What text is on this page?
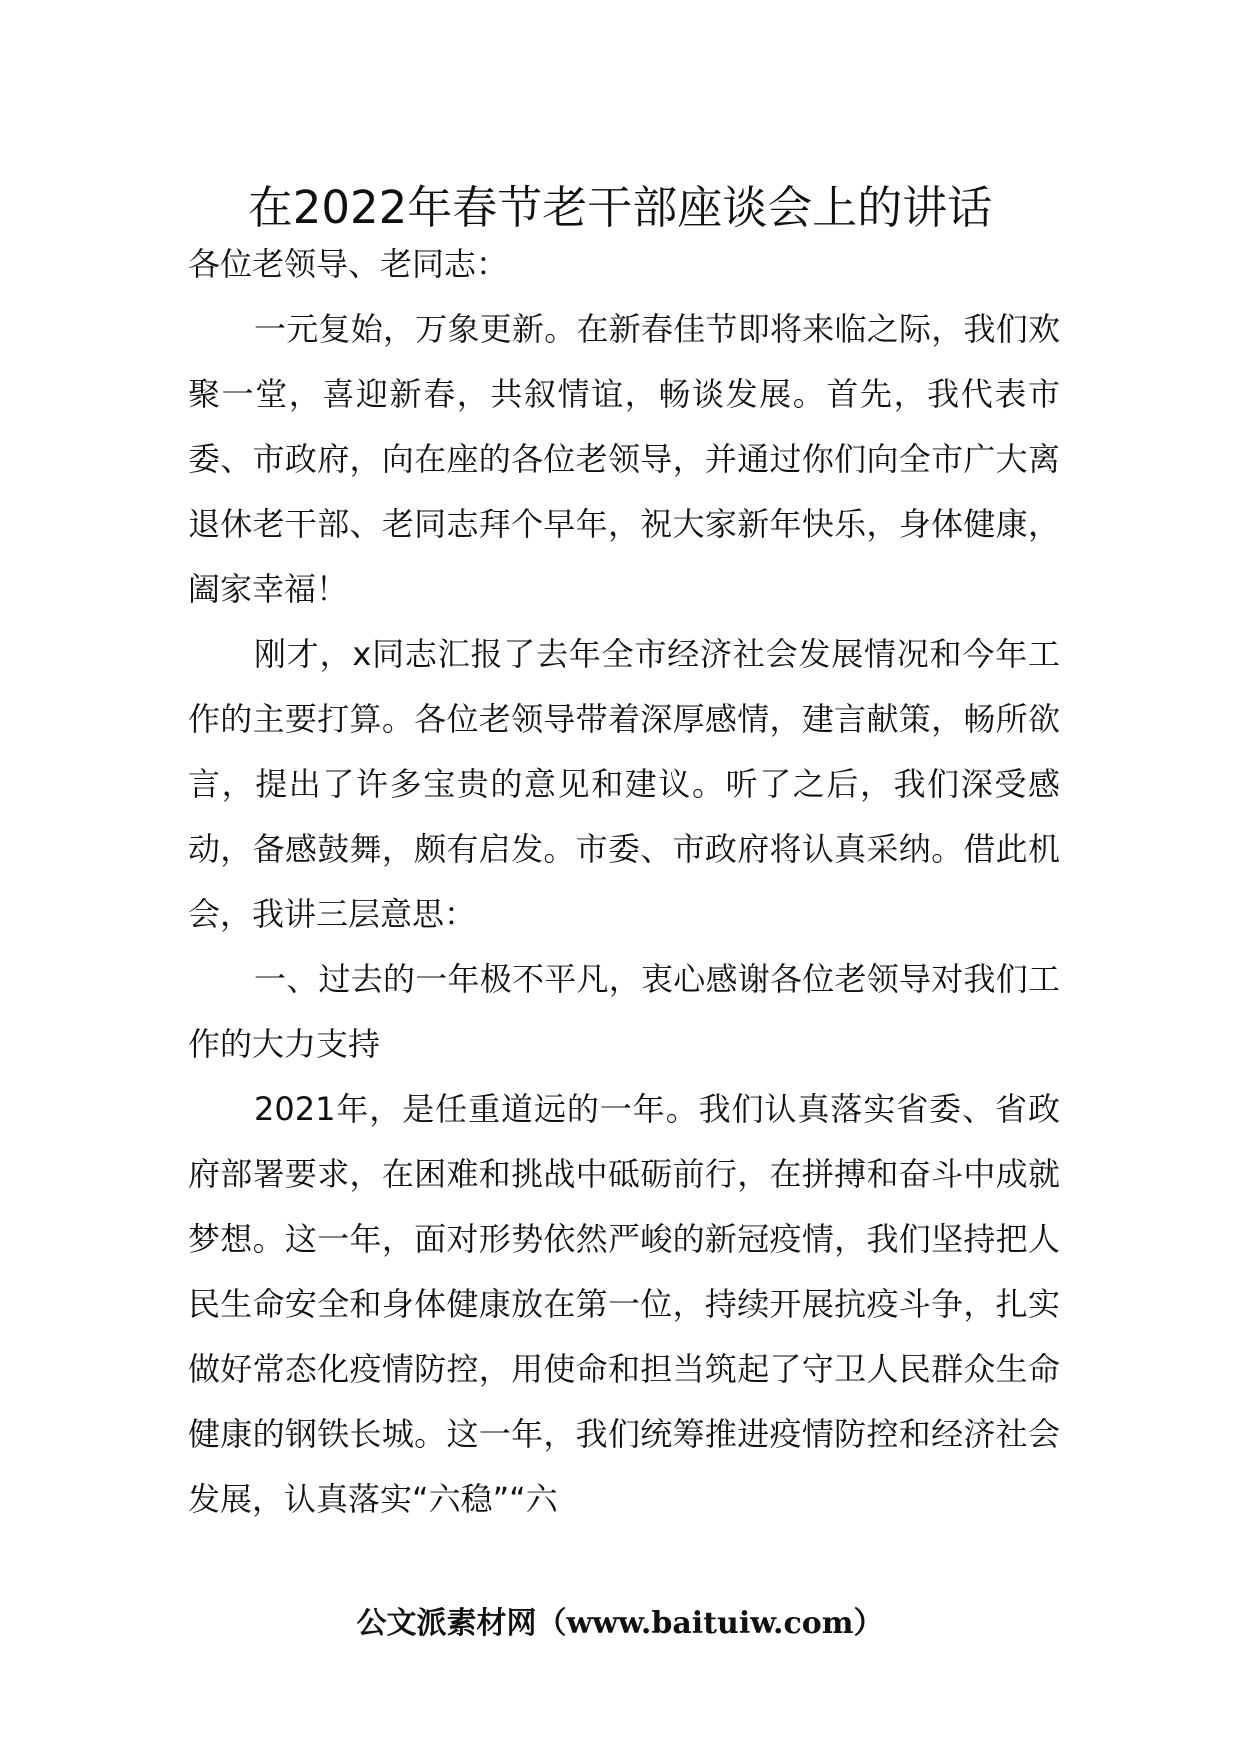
在2022年春节老干部座谈会上的讲话

各位老领导、老同志：

一元复始，万象更新。在新春佳节即将来临之际，我们欢聚一堂，喜迎新春，共叙情谊，畅谈发展。首先，我代表市委、市政府，向在座的各位老领导，并通过你们向全市广大离退休老干部、老同志拜个早年，祝大家新年快乐，身体健康，阖家幸福！

刚才，x同志汇报了去年全市经济社会发展情况和今年工作的主要打算。各位老领导带着深厚感情，建言献策，畅所欲言，提出了许多宝贵的意见和建议。听了之后，我们深受感动，备感鼓舞，颇有启发。市委、市政府将认真采纳。借此机会，我讲三层意思：

一、过去的一年极不平凡，衷心感谢各位老领导对我们工作的大力支持

2021年，是任重道远的一年。我们认真落实省委、省政府部署要求，在困难和挑战中砥砺前行，在拼搏和奋斗中成就梦想。这一年，面对形势依然严峻的新冠疫情，我们坚持把人民生命安全和身体健康放在第一位，持续开展抗疫斗争，扎实做好常态化疫情防控，用使命和担当筑起了守卫人民群众生命健康的钢铁长城。这一年，我们统筹推进疫情防控和经济社会发展，认真落实“六稳”“六

公文派素材网（www.baituiw.com）
